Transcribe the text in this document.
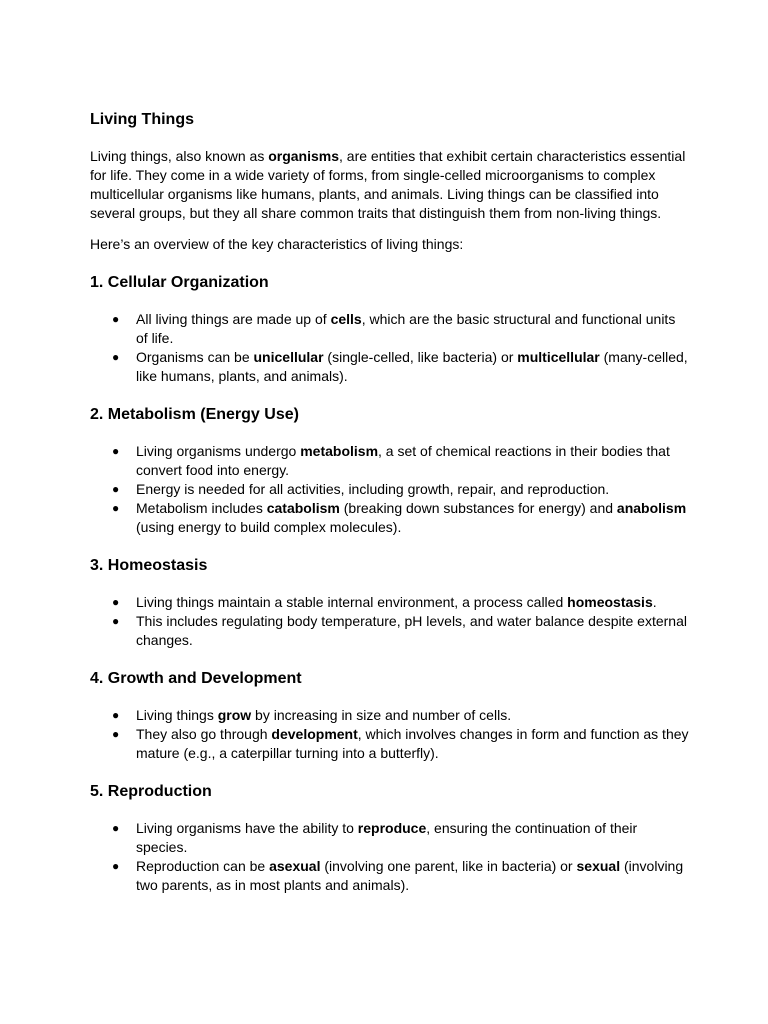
Living Things

Living things, also known as organisms, are entities that exhibit certain characteristics essential for life. They come in a wide variety of forms, from single-celled microorganisms to complex multicellular organisms like humans, plants, and animals. Living things can be classified into several groups, but they all share common traits that distinguish them from non-living things.

Here’s an overview of the key characteristics of living things:

1. Cellular Organization
● All living things are made up of cells, which are the basic structural and functional units of life.
● Organisms can be unicellular (single-celled, like bacteria) or multicellular (many-celled, like humans, plants, and animals).
2. Metabolism (Energy Use)
● Living organisms undergo metabolism, a set of chemical reactions in their bodies that convert food into energy.
● Energy is needed for all activities, including growth, repair, and reproduction.
● Metabolism includes catabolism (breaking down substances for energy) and anabolism (using energy to build complex molecules).
3. Homeostasis
● Living things maintain a stable internal environment, a process called homeostasis.
● This includes regulating body temperature, pH levels, and water balance despite external changes.
4. Growth and Development
● Living things grow by increasing in size and number of cells.
● They also go through development, which involves changes in form and function as they mature (e.g., a caterpillar turning into a butterfly).
5. Reproduction
● Living organisms have the ability to reproduce, ensuring the continuation of their species.
● Reproduction can be asexual (involving one parent, like in bacteria) or sexual (involving two parents, as in most plants and animals).
